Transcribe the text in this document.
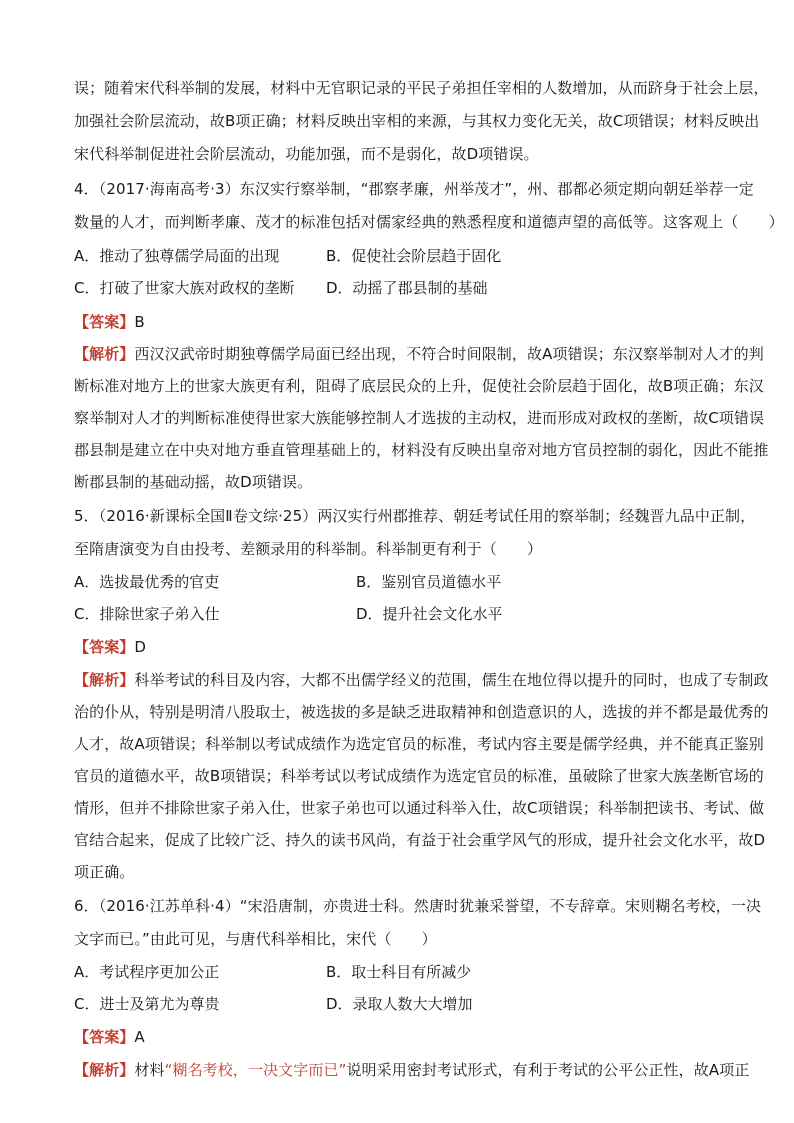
误；随着宋代科举制的发展，材料中无官职记录的平民子弟担任宰相的人数增加，从而跻身于社会上层，
加强社会阶层流动，故B项正确；材料反映出宰相的来源，与其权力变化无关，故C项错误；材料反映出
宋代科举制促进社会阶层流动，功能加强，而不是弱化，故D项错误。
4．（2017·海南高考·3）东汉实行察举制，“郡察孝廉，州举茂才”，州、郡都必须定期向朝廷举荐一定
数量的人才，而判断孝廉、茂才的标准包括对儒家经典的熟悉程度和道德声望的高低等。这客观上（　　）
A．推动了独尊儒学局面的出现	B．促使社会阶层趋于固化
C．打破了世家大族对政权的垄断 D．动摇了郡县制的基础
【答案】B
【解析】西汉汉武帝时期独尊儒学局面已经出现，不符合时间限制，故A项错误；东汉察举制对人才的判
断标准对地方上的世家大族更有利，阻碍了底层民众的上升，促使社会阶层趋于固化，故B项正确；东汉
察举制对人才的判断标准使得世家大族能够控制人才选拔的主动权，进而形成对政权的垄断，故C项错误
郡县制是建立在中央对地方垂直管理基础上的，材料没有反映出皇帝对地方官员控制的弱化，因此不能推
断郡县制的基础动摇，故D项错误。
5．（2016·新课标全国Ⅱ卷文综·25）两汉实行州郡推荐、朝廷考试任用的察举制；经魏晋九品中正制，
至隋唐演变为自由投考、差额录用的科举制。科举制更有利于（　　）
A．选拔最优秀的官吏	B．鉴别官员道德水平
C．排除世家子弟入仕	D．提升社会文化水平
【答案】D
【解析】科举考试的科目及内容，大都不出儒学经义的范围，儒生在地位得以提升的同时，也成了专制政
治的仆从，特别是明清八股取士，被选拔的多是缺乏进取精神和创造意识的人，选拔的并不都是最优秀的
人才，故A项错误；科举制以考试成绩作为选定官员的标准，考试内容主要是儒学经典，并不能真正鉴别
官员的道德水平，故B项错误；科举考试以考试成绩作为选定官员的标准，虽破除了世家大族垄断官场的
情形，但并不排除世家子弟入仕，世家子弟也可以通过科举入仕，故C项错误；科举制把读书、考试、做
官结合起来，促成了比较广泛、持久的读书风尚，有益于社会重学风气的形成，提升社会文化水平，故D
项正确。
6．（2016·江苏单科·4）“宋沿唐制，亦贵进士科。然唐时犹兼采誉望，不专辞章。宋则糊名考校，一决
文字而已。”由此可见，与唐代科举相比，宋代（　　）
A．考试程序更加公正	B．取士科目有所减少
C．进士及第尤为尊贵	D．录取人数大大增加
【答案】A
【解析】材料“糊名考校，一决文字而已”说明采用密封考试形式，有利于考试的公平公正性，故A项正
